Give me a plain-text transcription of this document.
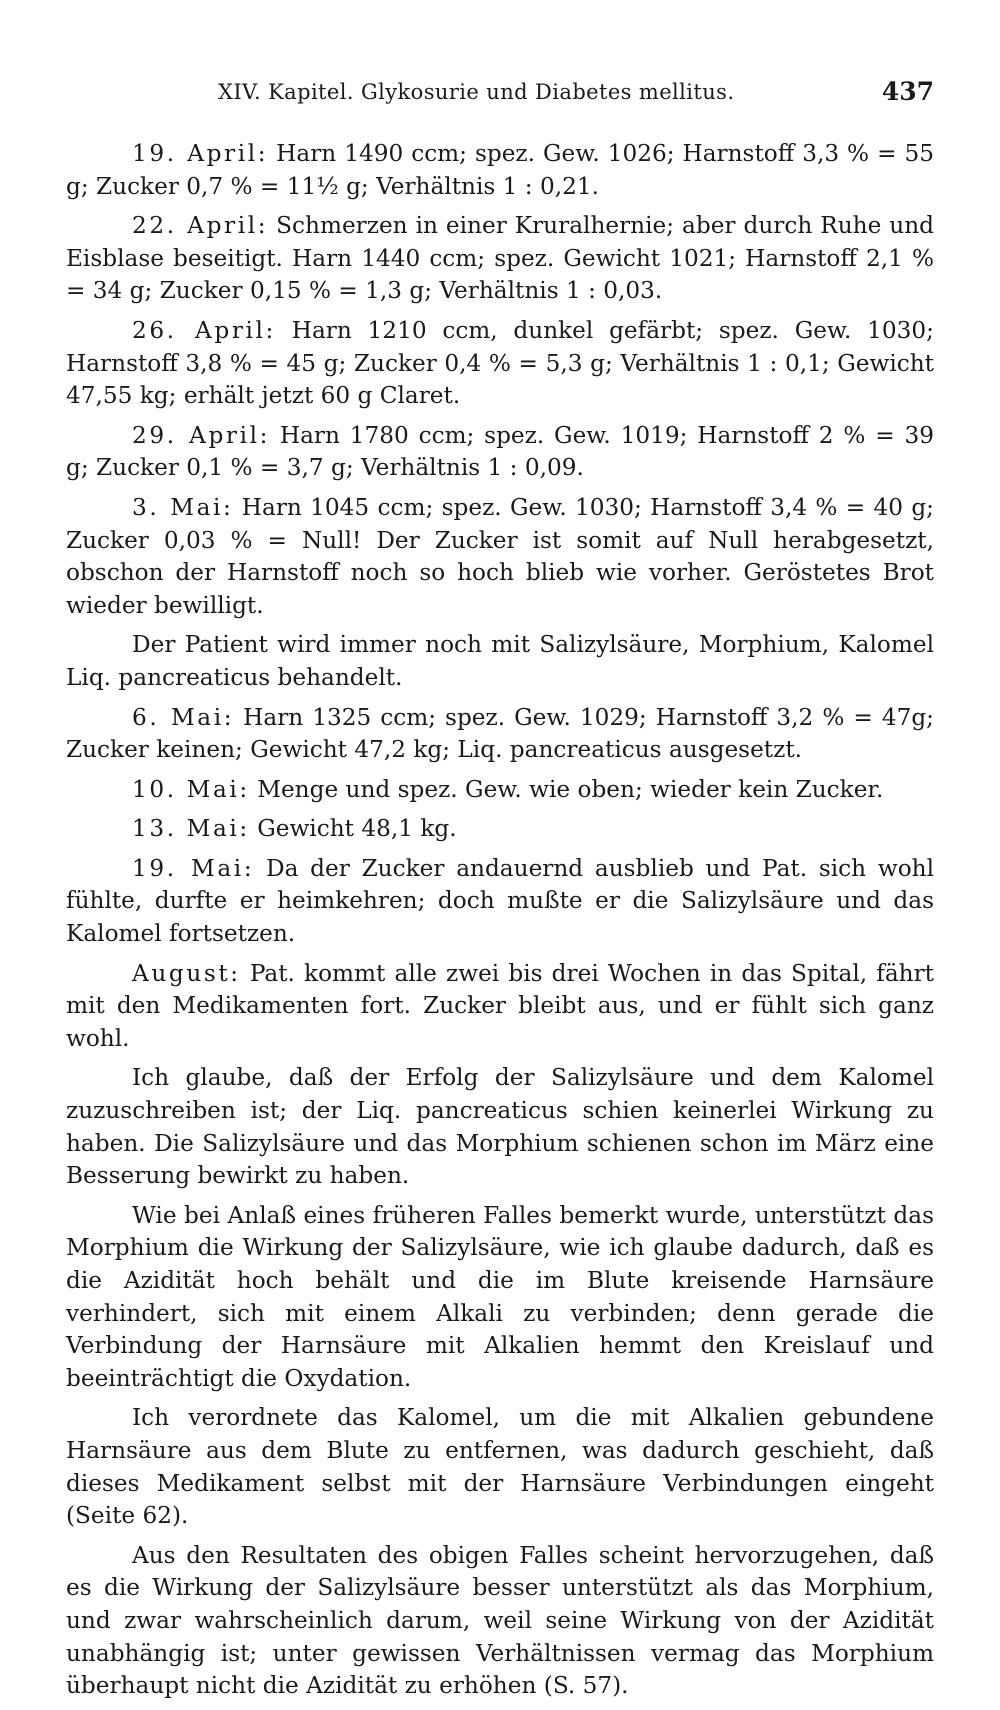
XIV. Kapitel. Glykosurie und Diabetes mellitus.	437

19. April: Harn 1490 ccm; spez. Gew. 1026; Harnstoff 3,3 % = 55 g; Zucker 0,7 % = 11½ g; Verhältnis 1 : 0,21.

22. April: Schmerzen in einer Kruralhernie; aber durch Ruhe und Eisblase beseitigt. Harn 1440 ccm; spez. Gewicht 1021; Harnstoff 2,1 % = 34 g; Zucker 0,15 % = 1,3 g; Verhältnis 1 : 0,03.

26. April: Harn 1210 ccm, dunkel gefärbt; spez. Gew. 1030; Harnstoff 3,8 % = 45 g; Zucker 0,4 % = 5,3 g; Verhältnis 1 : 0,1; Gewicht 47,55 kg; erhält jetzt 60 g Claret.

29. April: Harn 1780 ccm; spez. Gew. 1019; Harnstoff 2 % = 39 g; Zucker 0,1 % = 3,7 g; Verhältnis 1 : 0,09.

3. Mai: Harn 1045 ccm; spez. Gew. 1030; Harnstoff 3,4 % = 40 g; Zucker 0,03 % = Null! Der Zucker ist somit auf Null herabgesetzt, obschon der Harnstoff noch so hoch blieb wie vorher. Geröstetes Brot wieder bewilligt.

Der Patient wird immer noch mit Salizylsäure, Morphium, Kalomel Liq. pancreaticus behandelt.

6. Mai: Harn 1325 ccm; spez. Gew. 1029; Harnstoff 3,2 % = 47g; Zucker keinen; Gewicht 47,2 kg; Liq. pancreaticus ausgesetzt.

10. Mai: Menge und spez. Gew. wie oben; wieder kein Zucker.

13. Mai: Gewicht 48,1 kg.

19. Mai: Da der Zucker andauernd ausblieb und Pat. sich wohl fühlte, durfte er heimkehren; doch mußte er die Salizylsäure und das Kalomel fortsetzen.

August: Pat. kommt alle zwei bis drei Wochen in das Spital, fährt mit den Medikamenten fort. Zucker bleibt aus, und er fühlt sich ganz wohl.

Ich glaube, daß der Erfolg der Salizylsäure und dem Kalomel zuzuschreiben ist; der Liq. pancreaticus schien keinerlei Wirkung zu haben. Die Salizylsäure und das Morphium schienen schon im März eine Besserung bewirkt zu haben.

Wie bei Anlaß eines früheren Falles bemerkt wurde, unterstützt das Morphium die Wirkung der Salizylsäure, wie ich glaube dadurch, daß es die Azidität hoch behält und die im Blute kreisende Harnsäure verhindert, sich mit einem Alkali zu verbinden; denn gerade die Verbindung der Harnsäure mit Alkalien hemmt den Kreislauf und beeinträchtigt die Oxydation.

Ich verordnete das Kalomel, um die mit Alkalien gebundene Harnsäure aus dem Blute zu entfernen, was dadurch geschieht, daß dieses Medikament selbst mit der Harnsäure Verbindungen eingeht (Seite 62).

Aus den Resultaten des obigen Falles scheint hervorzugehen, daß es die Wirkung der Salizylsäure besser unterstützt als das Morphium, und zwar wahrscheinlich darum, weil seine Wirkung von der Azidität unabhängig ist; unter gewissen Verhältnissen vermag das Morphium überhaupt nicht die Azidität zu erhöhen (S. 57).
